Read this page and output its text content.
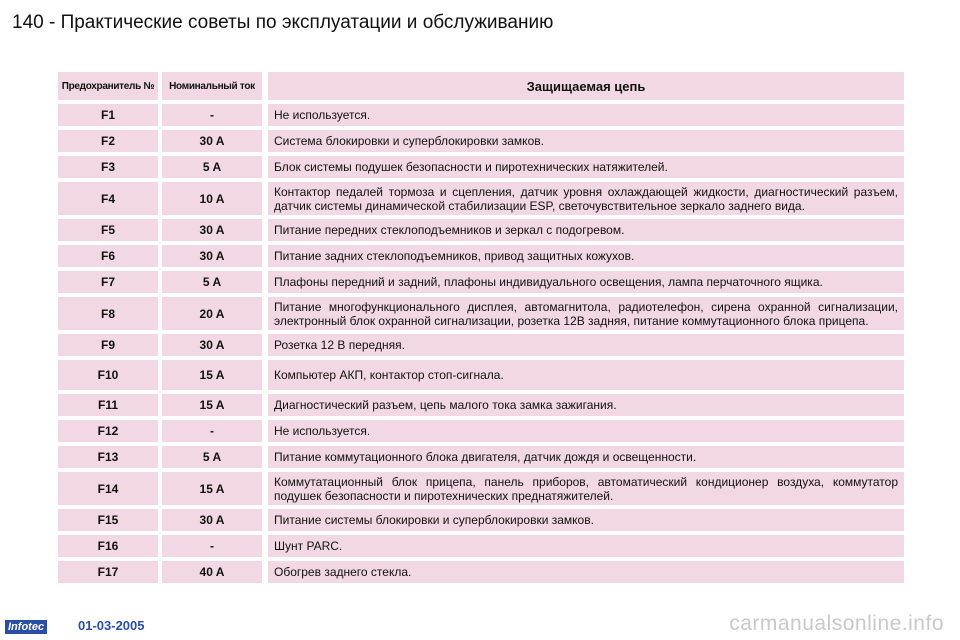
140 - Практические советы по эксплуатации и обслуживанию
Предохранитель №		Номинальный ток		Защищаемая цепь
F1		-		Не используется.
F2		30 A		Система блокировки и суперблокировки замков.
F3		5 A		Блок системы подушек безопасности и пиротехнических натяжителей.
F4		10 A		Контактор педалей тормоза и сцепления, датчик уровня охлаждающей жидкости, диагностический разъем, датчик системы динамической стабилизации ESP, светочувствительное зеркало заднего вида.
F5		30 A		Питание передних стеклоподъемников и зеркал с подогревом.
F6		30 A		Питание задних стеклоподъемников, привод защитных кожухов.
F7		5 A		Плафоны передний и задний, плафоны индивидуального освещения, лампа перчаточного ящика.
F8		20 A		Питание многофункционального дисплея, автомагнитола, радиотелефон, сирена охранной сигнализации, электронный блок охранной сигнализации, розетка 12В задняя, питание коммутационного блока прицепа.
F9		30 A		Розетка 12 В передняя.
F10		15 A		Компьютер АКП, контактор стоп-сигнала.
F11		15 A		Диагностический разъем, цепь малого тока замка зажигания.
F12		-		Не используется.
F13		5 A		Питание коммутационного блока двигателя, датчик дождя и освещенности.
F14		15 A		Коммутатационный блок прицепа, панель приборов, автоматический кондиционер воздуха, коммутатор подушек безопасности и пиротехнических преднатяжителей.
F15		30 A		Питание системы блокировки и суперблокировки замков.
F16		-		Шунт PARC.
F17		40 A		Обогрев заднего стекла.
Infotec	01-03-2005	carmanualsonline.info
